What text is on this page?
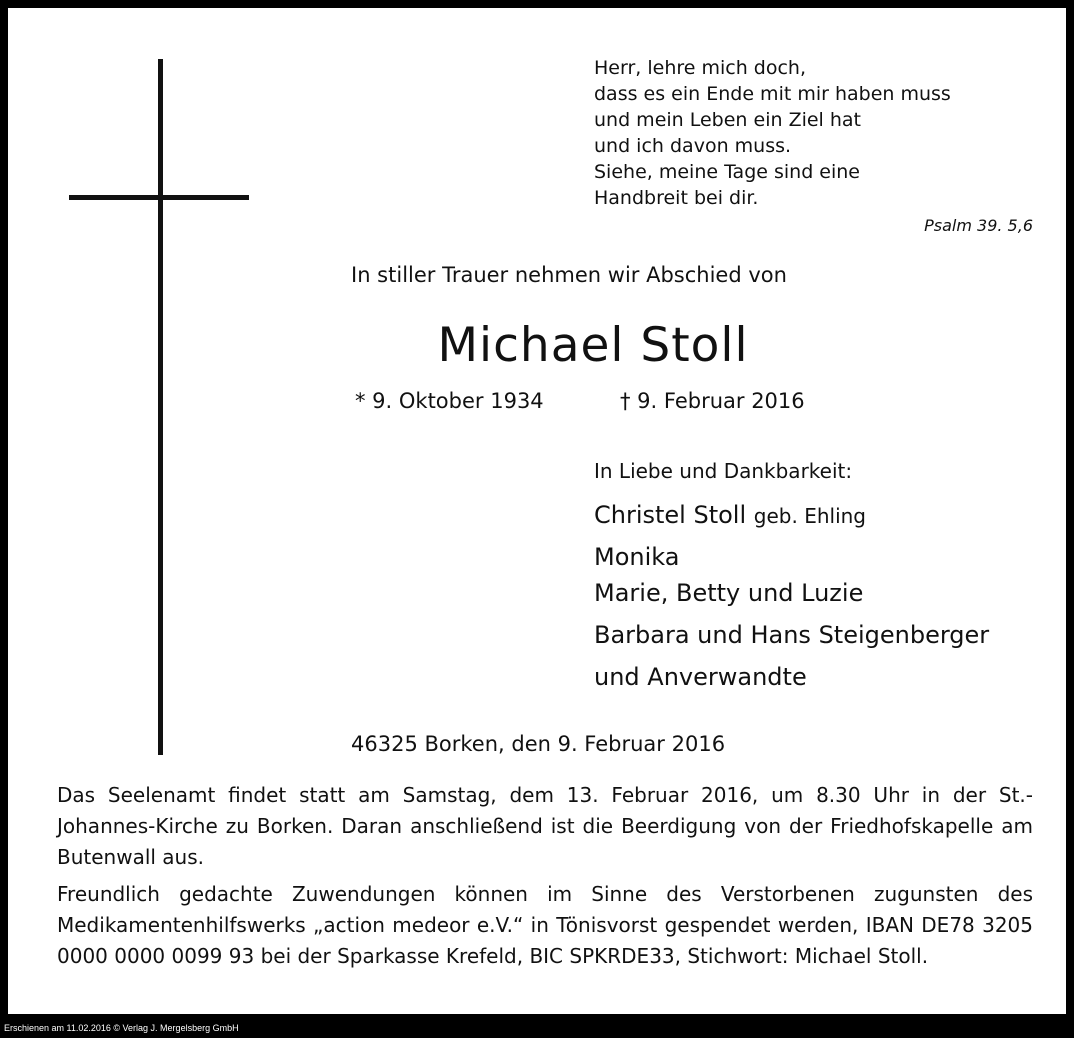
Herr, lehre mich doch,
dass es ein Ende mit mir haben muss
und mein Leben ein Ziel hat
und ich davon muss.
Siehe, meine Tage sind eine
Handbreit bei dir.
Psalm 39. 5,6
In stiller Trauer nehmen wir Abschied von
Michael Stoll
* 9. Oktober 1934	† 9. Februar 2016
In Liebe und Dankbarkeit:
Christel Stoll geb. Ehling
Monika
Marie, Betty und Luzie
Barbara und Hans Steigenberger
und Anverwandte
46325 Borken, den 9. Februar 2016
Das Seelenamt findet statt am Samstag, dem 13. Februar 2016, um 8.30 Uhr in der St.-Johannes-Kirche zu Borken. Daran anschließend ist die Beerdigung von der Friedhofskapelle am Butenwall aus.
Freundlich gedachte Zuwendungen können im Sinne des Verstorbenen zugunsten des Medikamentenhilfswerks „action medeor e.V.“ in Tönisvorst gespendet werden, IBAN DE78 3205 0000 0000 0099 93 bei der Sparkasse Krefeld, BIC SPKRDE33, Stichwort: Michael Stoll.
Erschienen am 11.02.2016 © Verlag J. Mergelsberg GmbH
